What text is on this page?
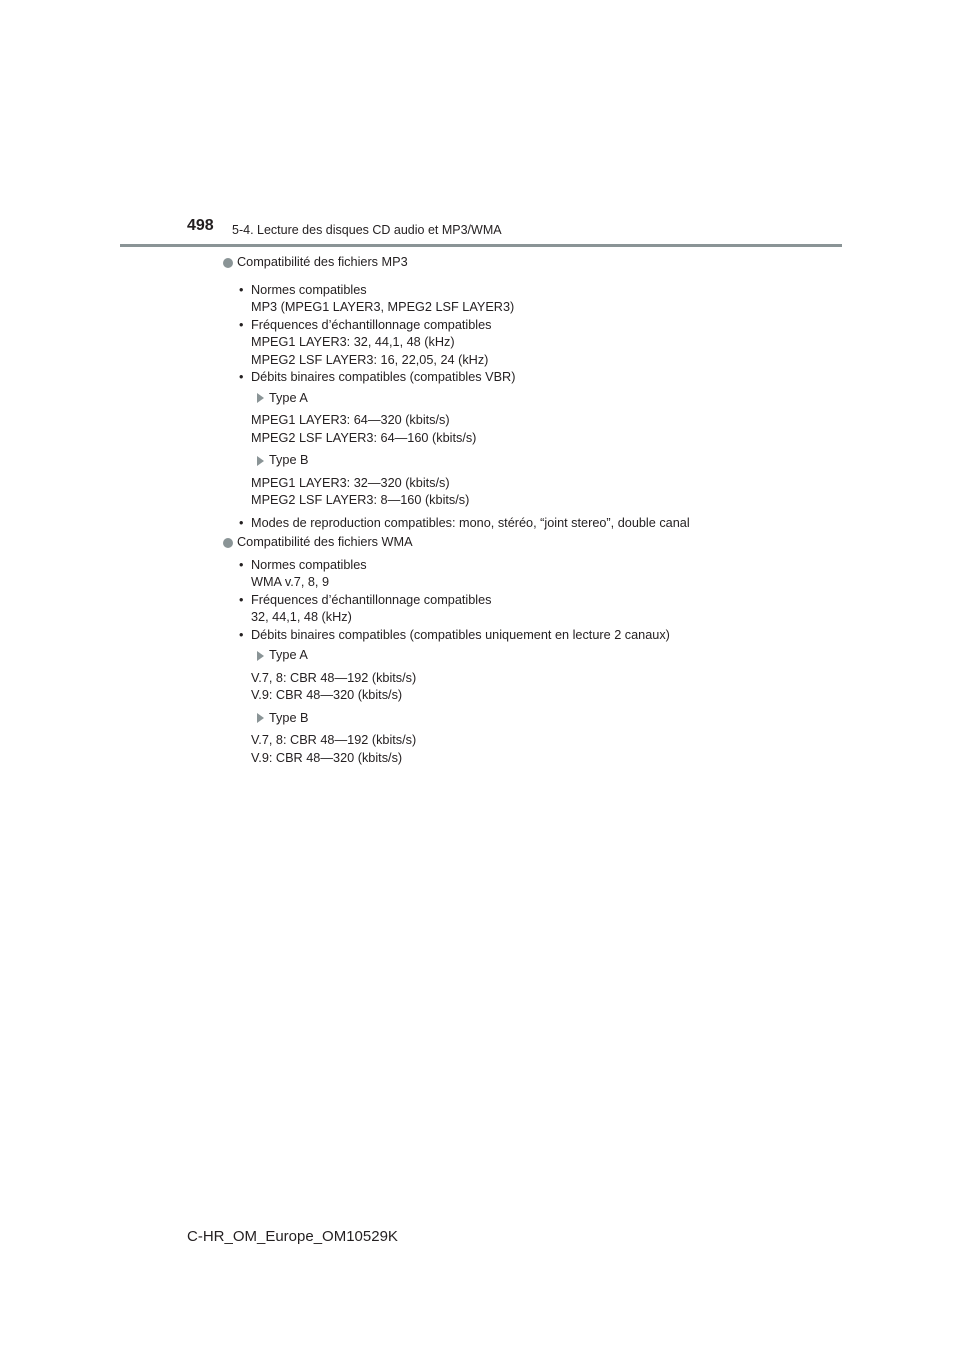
498 5-4. Lecture des disques CD audio et MP3/WMA
Compatibilité des fichiers MP3
• Normes compatibles
MP3 (MPEG1 LAYER3, MPEG2 LSF LAYER3)
• Fréquences d’échantillonnage compatibles
MPEG1 LAYER3: 32, 44,1, 48 (kHz)
MPEG2 LSF LAYER3: 16, 22,05, 24 (kHz)
• Débits binaires compatibles (compatibles VBR)
Type A
MPEG1 LAYER3: 64—320 (kbits/s)
MPEG2 LSF LAYER3: 64—160 (kbits/s)
Type B
MPEG1 LAYER3: 32—320 (kbits/s)
MPEG2 LSF LAYER3: 8—160 (kbits/s)
• Modes de reproduction compatibles: mono, stéréo, “joint stereo”, double canal
Compatibilité des fichiers WMA
• Normes compatibles
WMA v.7, 8, 9
• Fréquences d’échantillonnage compatibles
32, 44,1, 48 (kHz)
• Débits binaires compatibles (compatibles uniquement en lecture 2 canaux)
Type A
V.7, 8: CBR 48—192 (kbits/s)
V.9: CBR 48—320 (kbits/s)
Type B
V.7, 8: CBR 48—192 (kbits/s)
V.9: CBR 48—320 (kbits/s)
C-HR_OM_Europe_OM10529K
